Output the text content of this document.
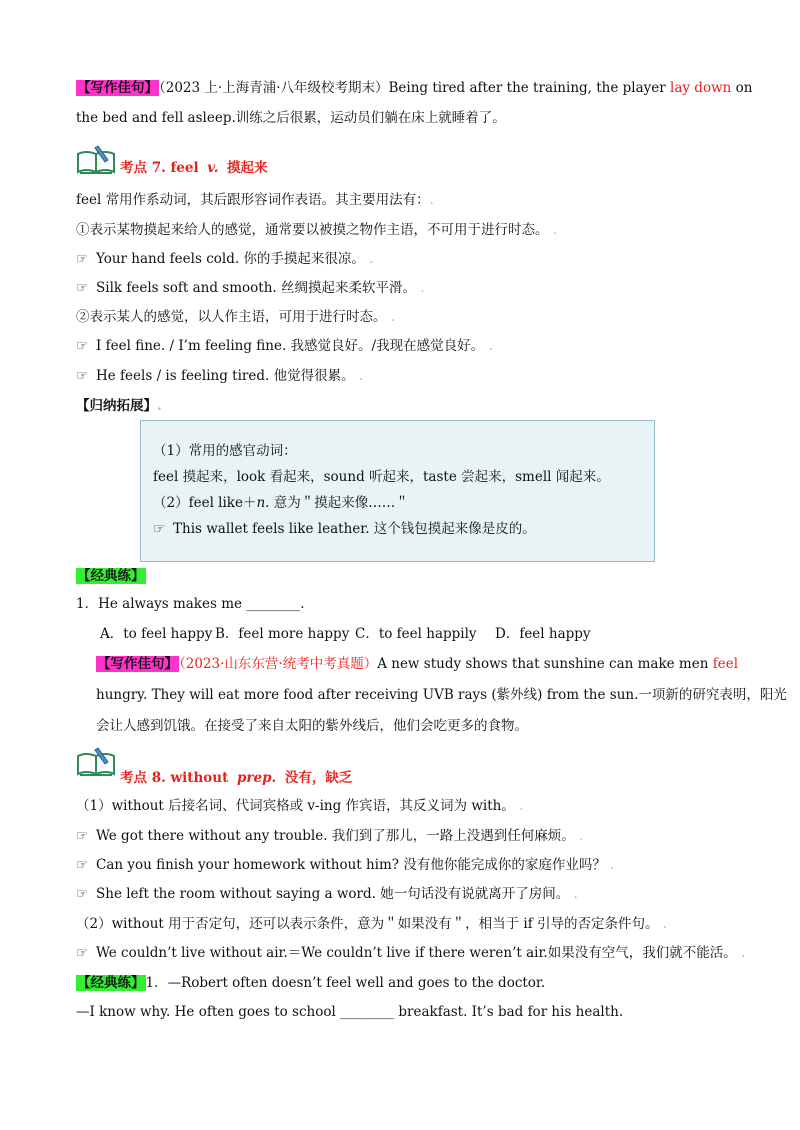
【写作佳句】（2023 上·上海青浦·八年级校考期末）Being tired after the training, the player lay down on
the bed and fell asleep.训练之后很累，运动员们躺在床上就睡着了。
考点 7. feel v. 摸起来
feel 常用作系动词，其后跟形容词作表语。其主要用法有：.
①表示某物摸起来给人的感觉，通常要以被摸之物作主语，不可用于进行时态。 .
☞ Your hand feels cold. 你的手摸起来很凉。 .
☞ Silk feels soft and smooth. 丝绸摸起来柔软平滑。 .
②表示某人的感觉，以人作主语，可用于进行时态。 .
☞ I feel fine. / I’m feeling fine. 我感觉良好。/我现在感觉良好。 .
☞ He feels / is feeling tired. 他觉得很累。 .
【归纳拓展】.
（1）常用的感官动词：
feel 摸起来，look 看起来，sound 听起来，taste 尝起来，smell 闻起来。
（2）feel like＋n. 意为＂摸起来像……＂
☞ This wallet feels like leather. 这个钱包摸起来像是皮的。
【经典练】
1．He always makes me ________.
A．to feel happy B．feel more happy C．to feel happily D．feel happy
【写作佳句】（2023·山东东营·统考中考真题）A new study shows that sunshine can make men feel
hungry. They will eat more food after receiving UVB rays (紫外线) from the sun.一项新的研究表明，阳光
会让人感到饥饿。在接受了来自太阳的紫外线后，他们会吃更多的食物。
考点 8. without prep. 没有，缺乏
（1）without 后接名词、代词宾格或 v-ing 作宾语，其反义词为 with。 .
☞ We got there without any trouble. 我们到了那儿，一路上没遇到任何麻烦。 .
☞ Can you finish your homework without him? 没有他你能完成你的家庭作业吗？ .
☞ She left the room without saying a word. 她一句话没有说就离开了房间。 .
（2）without 用于否定句，还可以表示条件，意为＂如果没有＂，相当于 if 引导的否定条件句。 .
☞ We couldn’t live without air.＝We couldn’t live if there weren’t air.如果没有空气，我们就不能活。 .
【经典练】1．—Robert often doesn’t feel well and goes to the doctor.
—I know why. He often goes to school ________ breakfast. It’s bad for his health.
